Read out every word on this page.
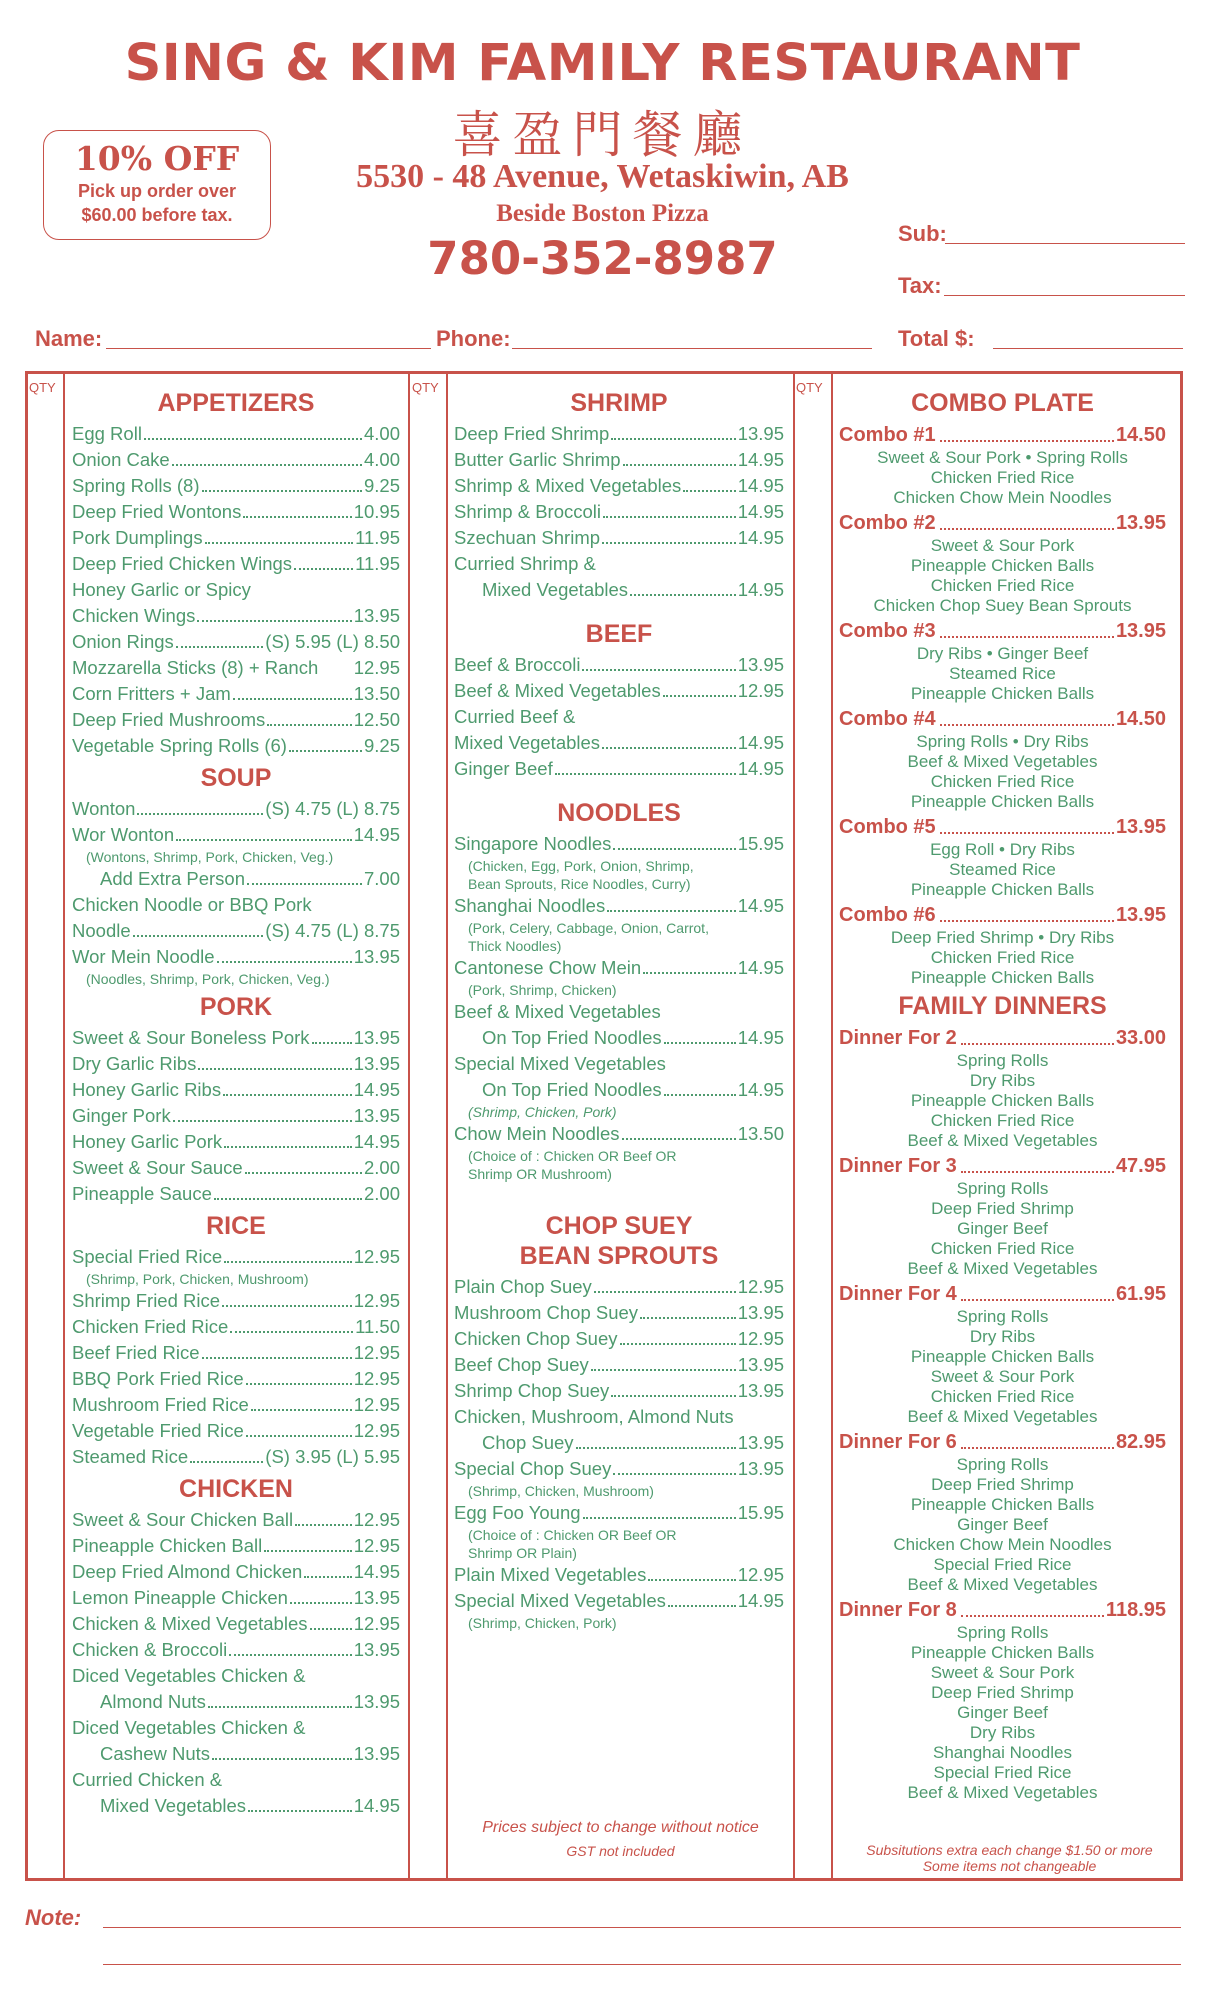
SING & KIM FAMILY RESTAURANT
喜盈門餐廳
5530 - 48 Avenue, Wetaskiwin, AB
Beside Boston Pizza
780-352-8987
10% OFF
Pick up order over
$60.00 before tax.
Sub:
Tax:
Name:	Phone:	Total $:
QTY	QTY	QTY
APPETIZERS
Egg Roll	4.00
Onion Cake	4.00
Spring Rolls (8)	9.25
Deep Fried Wontons	10.95
Pork Dumplings	11.95
Deep Fried Chicken Wings	11.95
Honey Garlic or Spicy
Chicken Wings	13.95
Onion Rings	(S) 5.95 (L) 8.50
Mozzarella Sticks (8) + Ranch 12.95
Corn Fritters + Jam	13.50
Deep Fried Mushrooms	12.50
Vegetable Spring Rolls (6)	9.25
SOUP
Wonton	(S) 4.75 (L) 8.75
Wor Wonton	14.95
(Wontons, Shrimp, Pork, Chicken, Veg.)
Add Extra Person	7.00
Chicken Noodle or BBQ Pork
Noodle	(S) 4.75 (L) 8.75
Wor Mein Noodle	13.95
(Noodles, Shrimp, Pork, Chicken, Veg.)
PORK
Sweet & Sour Boneless Pork 13.95
Dry Garlic Ribs	13.95
Honey Garlic Ribs	14.95
Ginger Pork	13.95
Honey Garlic Pork	14.95
Sweet & Sour Sauce	2.00
Pineapple Sauce	2.00
RICE
Special Fried Rice	12.95
(Shrimp, Pork, Chicken, Mushroom)
Shrimp Fried Rice	12.95
Chicken Fried Rice	11.50
Beef Fried Rice	12.95
BBQ Pork Fried Rice	12.95
Mushroom Fried Rice	12.95
Vegetable Fried Rice	12.95
Steamed Rice	(S) 3.95 (L) 5.95
CHICKEN
Sweet & Sour Chicken Ball	12.95
Pineapple Chicken Ball	12.95
Deep Fried Almond Chicken	14.95
Lemon Pineapple Chicken	13.95
Chicken & Mixed Vegetables 12.95
Chicken & Broccoli	13.95
Diced Vegetables Chicken &
Almond Nuts	13.95
Diced Vegetables Chicken &
Cashew Nuts	13.95
Curried Chicken &
Mixed Vegetables	14.95
SHRIMP
Deep Fried Shrimp	13.95
Butter Garlic Shrimp	14.95
Shrimp & Mixed Vegetables	14.95
Shrimp & Broccoli	14.95
Szechuan Shrimp	14.95
Curried Shrimp &
Mixed Vegetables	14.95
BEEF
Beef & Broccoli	13.95
Beef & Mixed Vegetables	12.95
Curried Beef &
Mixed Vegetables	14.95
Ginger Beef	14.95
NOODLES
Singapore Noodles	15.95
(Chicken, Egg, Pork, Onion, Shrimp,
Bean Sprouts, Rice Noodles, Curry)
Shanghai Noodles	14.95
(Pork, Celery, Cabbage, Onion, Carrot,
Thick Noodles)
Cantonese Chow Mein	14.95
(Pork, Shrimp, Chicken)
Beef & Mixed Vegetables
On Top Fried Noodles	14.95
Special Mixed Vegetables
On Top Fried Noodles	14.95
(Shrimp, Chicken, Pork)
Chow Mein Noodles	13.50
(Choice of : Chicken OR Beef OR
Shrimp OR Mushroom)
CHOP SUEY
BEAN SPROUTS
Plain Chop Suey	12.95
Mushroom Chop Suey	13.95
Chicken Chop Suey	12.95
Beef Chop Suey	13.95
Shrimp Chop Suey	13.95
Chicken, Mushroom, Almond Nuts
Chop Suey	13.95
Special Chop Suey	13.95
(Shrimp, Chicken, Mushroom)
Egg Foo Young	15.95
(Choice of : Chicken OR Beef OR
Shrimp OR Plain)
Plain Mixed Vegetables	12.95
Special Mixed Vegetables	14.95
(Shrimp, Chicken, Pork)
COMBO PLATE
Combo #1	14.50
Sweet & Sour Pork • Spring Rolls
Chicken Fried Rice
Chicken Chow Mein Noodles
Combo #2	13.95
Sweet & Sour Pork
Pineapple Chicken Balls
Chicken Fried Rice
Chicken Chop Suey Bean Sprouts
Combo #3	13.95
Dry Ribs • Ginger Beef
Steamed Rice
Pineapple Chicken Balls
Combo #4	14.50
Spring Rolls • Dry Ribs
Beef & Mixed Vegetables
Chicken Fried Rice
Pineapple Chicken Balls
Combo #5	13.95
Egg Roll • Dry Ribs
Steamed Rice
Pineapple Chicken Balls
Combo #6	13.95
Deep Fried Shrimp • Dry Ribs
Chicken Fried Rice
Pineapple Chicken Balls
FAMILY DINNERS
Dinner For 2	33.00
Spring Rolls
Dry Ribs
Pineapple Chicken Balls
Chicken Fried Rice
Beef & Mixed Vegetables
Dinner For 3	47.95
Spring Rolls
Deep Fried Shrimp
Ginger Beef
Chicken Fried Rice
Beef & Mixed Vegetables
Dinner For 4	61.95
Spring Rolls
Dry Ribs
Pineapple Chicken Balls
Sweet & Sour Pork
Chicken Fried Rice
Beef & Mixed Vegetables
Dinner For 6	82.95
Spring Rolls
Deep Fried Shrimp
Pineapple Chicken Balls
Ginger Beef
Chicken Chow Mein Noodles
Special Fried Rice
Beef & Mixed Vegetables
Dinner For 8	118.95
Spring Rolls
Pineapple Chicken Balls
Sweet & Sour Pork
Deep Fried Shrimp
Ginger Beef
Dry Ribs
Shanghai Noodles
Special Fried Rice
Beef & Mixed Vegetables
Prices subject to change without notice
GST not included	Subsitutions extra each change $1.50 or more
Some items not changeable
Note:
